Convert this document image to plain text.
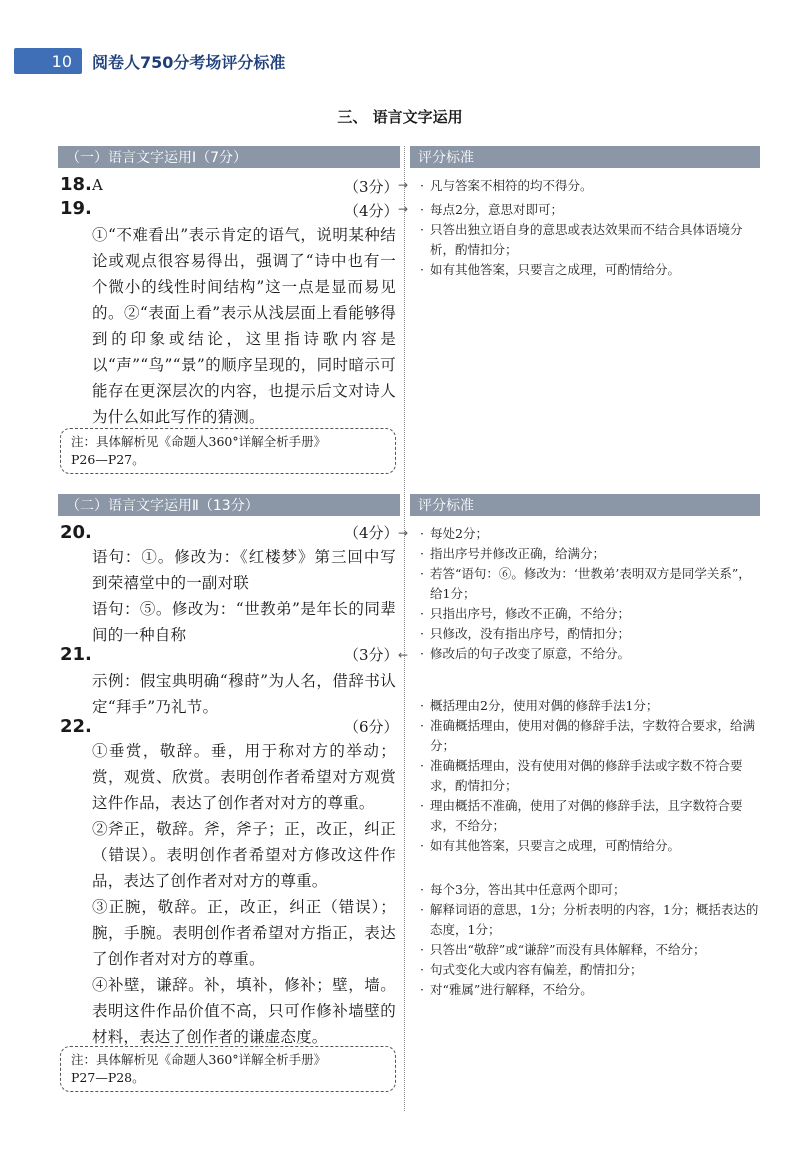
10	阅卷人750分考场评分标准
三、 语言文字运用
（一）语言文字运用Ⅰ（7分）	评分标准
18. A	（3分） →
·	凡与答案不相符的均不得分。
19.	（4分） →
①“不难看出”表示肯定的语气，说明某种结论或观点很容易得出，强调了“诗中也有一个微小的线性时间结构”这一点是显而易见的。②“表面上看”表示从浅层面上看能够得到的印象或结论，这里指诗歌内容是以“声”“鸟”“景”的顺序呈现的，同时暗示可能存在更深层次的内容，也提示后文对诗人为什么如此写作的猜测。
· 每点2分，意思对即可；
· 只答出独立语自身的意思或表达效果而不结合具体语境分析，酌情扣分；
· 如有其他答案，只要言之成理，可酌情给分。
注：具体解析见《命题人360°详解全析手册》
P26—P27。
（二）语言文字运用Ⅱ（13分）	评分标准
20.	（4分） →

语句：①。修改为：《红楼梦》第三回中写到荣禧堂中的一副对联

语句：⑤。修改为：“世教弟”是年长的同辈间的一种自称

· 每处2分；
· 指出序号并修改正确，给满分；
· 若答“语句：⑥。修改为：‘世教弟’表明双方是同学关系”，给1分；
· 只指出序号，修改不正确，不给分；
· 只修改，没有指出序号，酌情扣分；
· 修改后的句子改变了原意，不给分。
21.	（3分） ←
示例：假宝典明确“穆莳”为人名，借辞书认定“拜手”乃礼节。
22.	（6分）

①垂赏，敬辞。垂，用于称对方的举动；赏，观赏、欣赏。表明创作者希望对方观赏这件作品，表达了创作者对对方的尊重。

②斧正，敬辞。斧，斧子；正，改正，纠正（错误）。表明创作者希望对方修改这件作品，表达了创作者对对方的尊重。

③正腕，敬辞。正，改正，纠正（错误）；腕，手腕。表明创作者希望对方指正，表达了创作者对对方的尊重。

④补壁，谦辞。补，填补，修补；壁，墙。表明这件作品价值不高，只可作修补墙壁的材料，表达了创作者的谦虚态度。

· 概括理由2分，使用对偶的修辞手法1分；
· 准确概括理由，使用对偶的修辞手法，字数符合要求，给满分；
· 准确概括理由，没有使用对偶的修辞手法或字数不符合要求，酌情扣分；
· 理由概括不准确，使用了对偶的修辞手法，且字数符合要求，不给分；
· 如有其他答案，只要言之成理，可酌情给分。
· 每个3分，答出其中任意两个即可；
· 解释词语的意思，1分；分析表明的内容，1分；概括表达的态度，1分；
· 只答出“敬辞”或“谦辞”而没有具体解释，不给分；
· 句式变化大或内容有偏差，酌情扣分；
· 对“雅属”进行解释，不给分。
注：具体解析见《命题人360°详解全析手册》
P27—P28。
